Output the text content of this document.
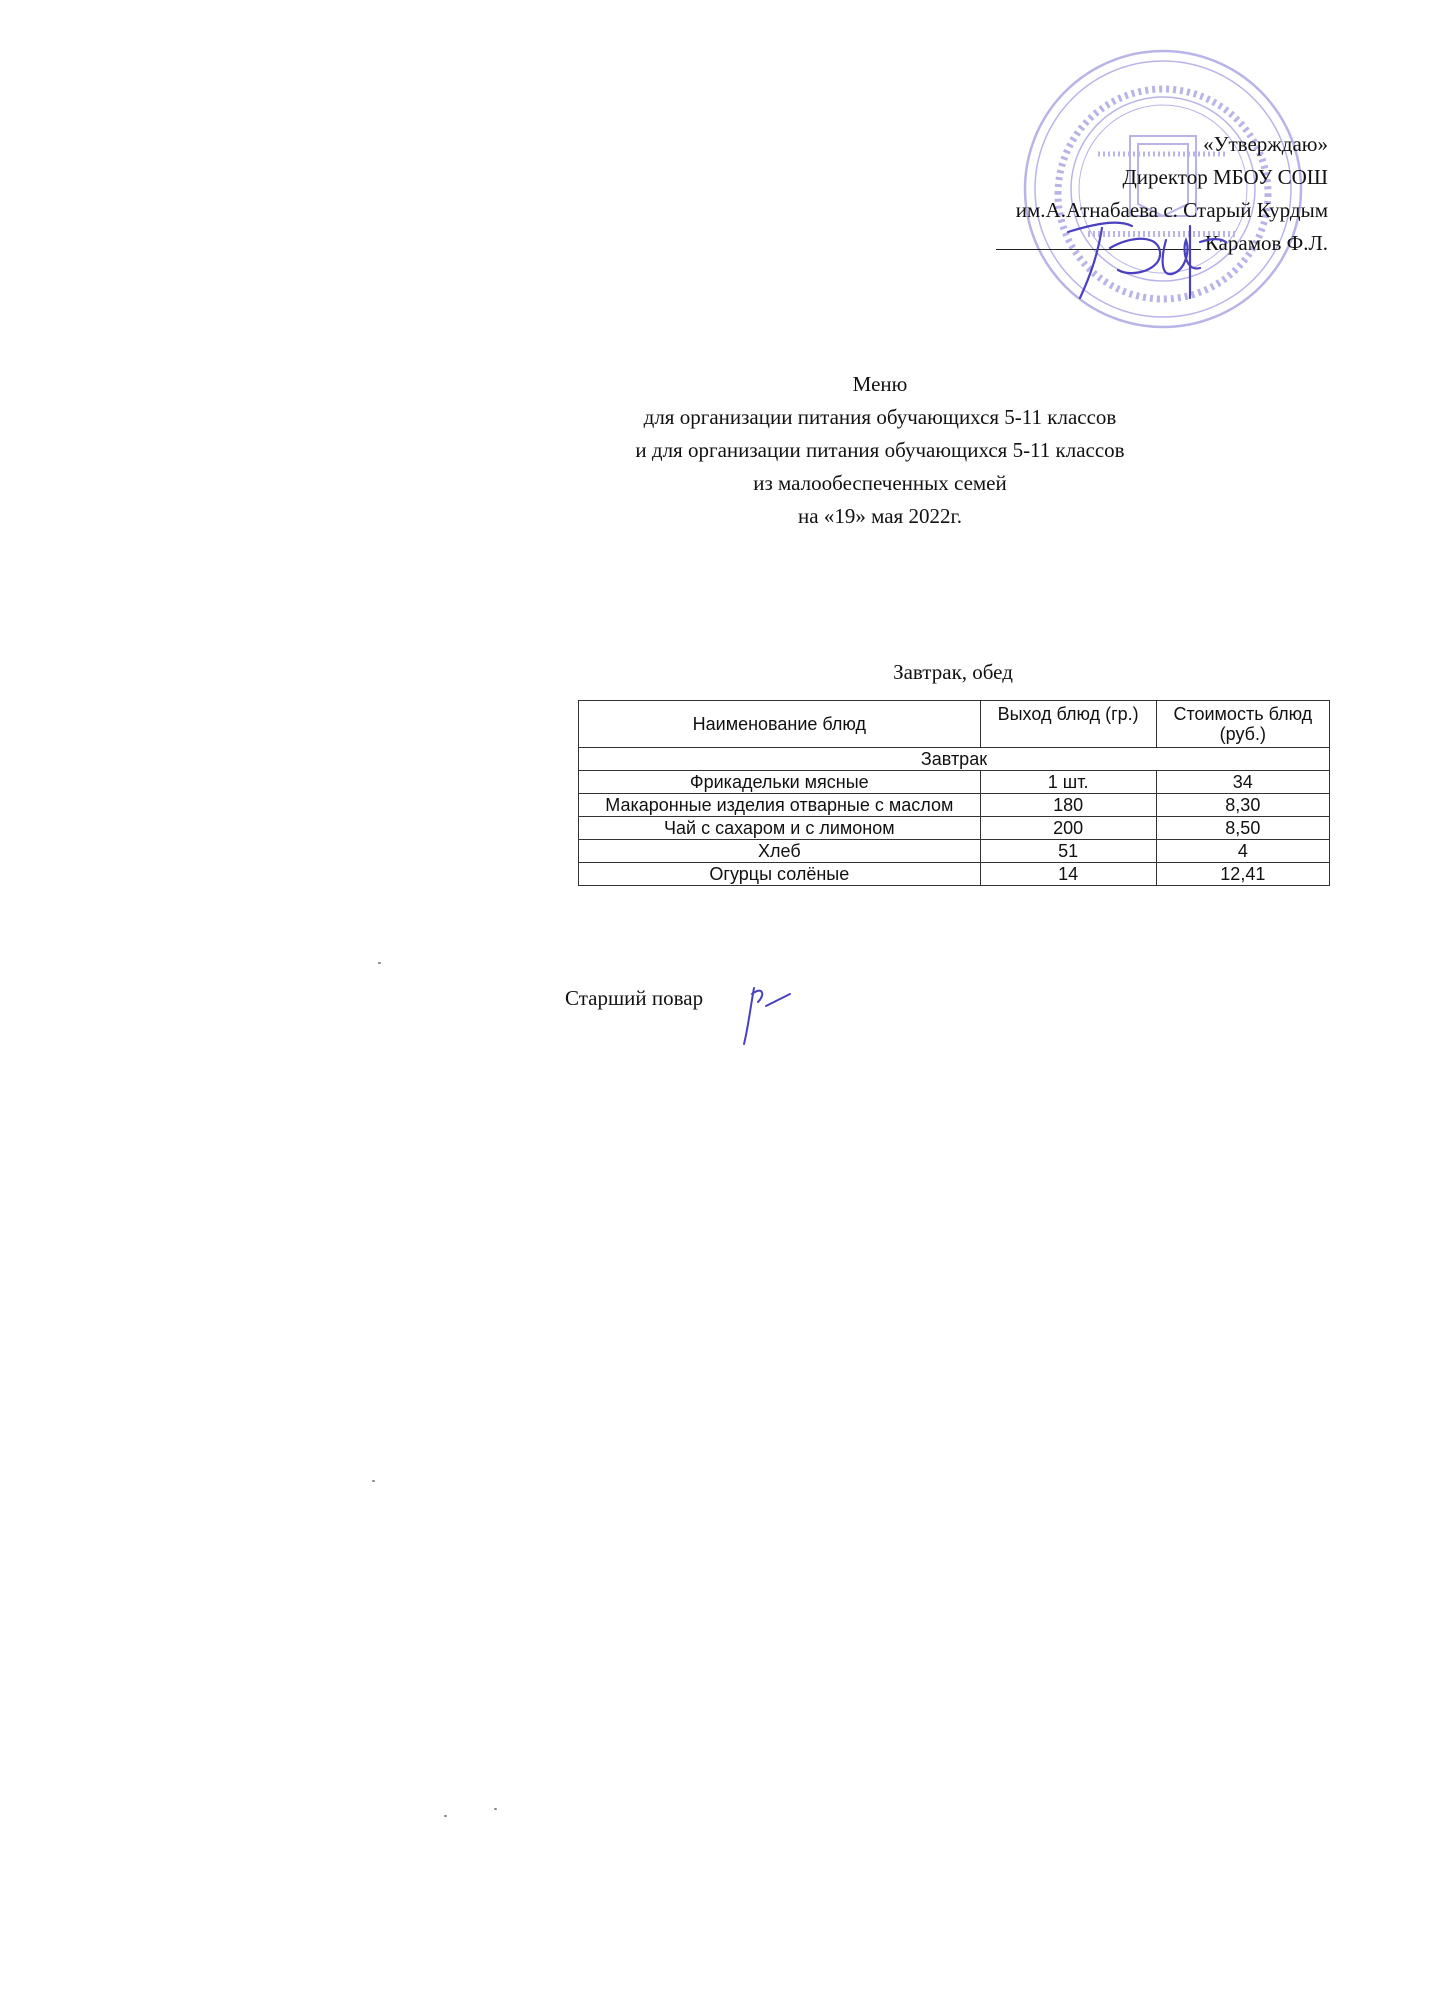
«Утверждаю»
Директор МБОУ СОШ
им.А.Атнабаева с. Старый Курдым
Карамов Ф.Л.
Меню
для организации питания обучающихся 5-11 классов
и для организации питания обучающихся 5-11 классов
из малообеспеченных семей
на «19» мая 2022г.
Завтрак, обед
Наименование блюд	Выход блюд (гр.)	Стоимость блюд (руб.)
Завтрак		
Фрикадельки мясные	1 шт.	34
Макаронные изделия отварные с маслом	180	8,30
Чай с сахаром и с лимоном	200	8,50
Хлеб	51	4
Огурцы солёные	14	12,41
Старший повар
